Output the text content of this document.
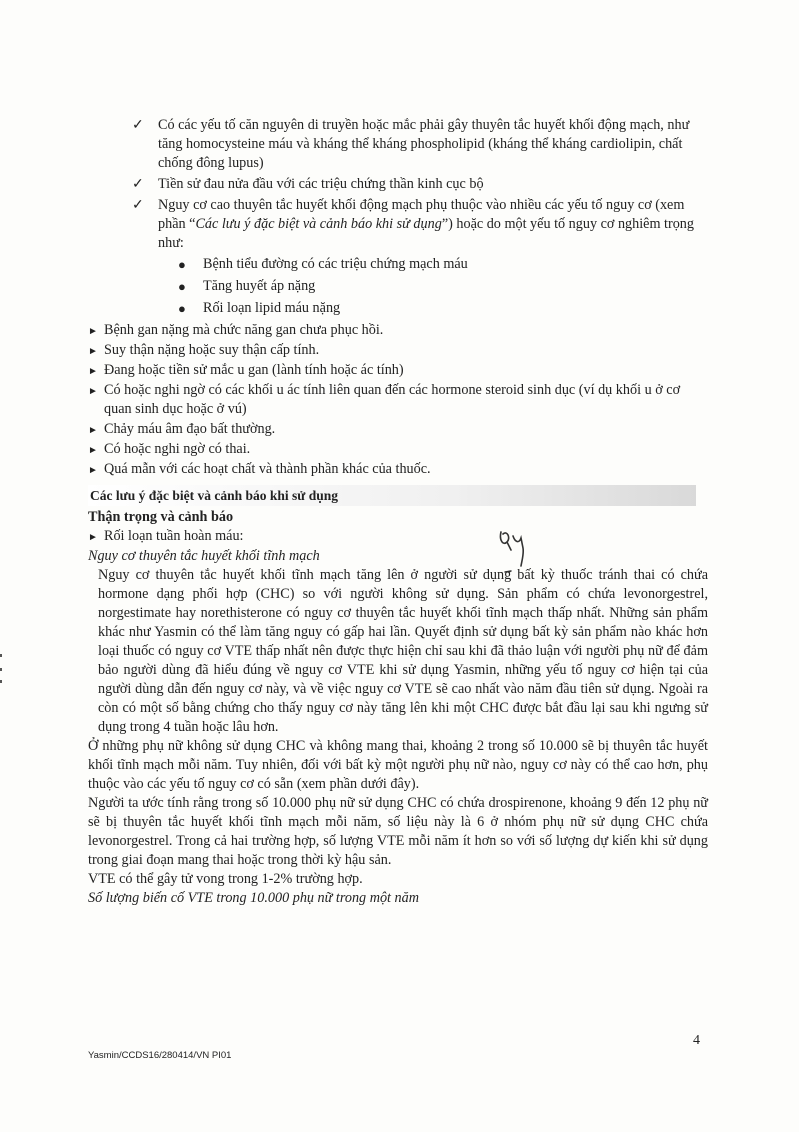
✓ Có các yếu tố căn nguyên di truyền hoặc mắc phải gây thuyên tắc huyết khối động mạch, như tăng homocysteine máu và kháng thể kháng phospholipid (kháng thể kháng cardiolipin, chất chống đông lupus)
✓ Tiền sử đau nửa đầu với các triệu chứng thần kinh cục bộ
✓ Nguy cơ cao thuyên tắc huyết khối động mạch phụ thuộc vào nhiều các yếu tố nguy cơ (xem phần “Các lưu ý đặc biệt và cảnh báo khi sử dụng”) hoặc do một yếu tố nguy cơ nghiêm trọng như:
● Bệnh tiểu đường có các triệu chứng mạch máu
● Tăng huyết áp nặng
● Rối loạn lipid máu nặng
► Bệnh gan nặng mà chức năng gan chưa phục hồi.
► Suy thận nặng hoặc suy thận cấp tính.
► Đang hoặc tiền sử mắc u gan (lành tính hoặc ác tính)
► Có hoặc nghi ngờ có các khối u ác tính liên quan đến các hormone steroid sinh dục (ví dụ khối u ở cơ quan sinh dục hoặc ở vú)
► Chảy máu âm đạo bất thường.
► Có hoặc nghi ngờ có thai.
► Quá mẫn với các hoạt chất và thành phần khác của thuốc.
Các lưu ý đặc biệt và cảnh báo khi sử dụng
Thận trọng và cảnh báo
► Rối loạn tuần hoàn máu:
Nguy cơ thuyên tắc huyết khối tĩnh mạch

Nguy cơ thuyên tắc huyết khối tĩnh mạch tăng lên ở người sử dụng bất kỳ thuốc tránh thai có chứa hormone dạng phối hợp (CHC) so với người không sử dụng. Sản phẩm có chứa levonorgestrel, norgestimate hay norethisterone có nguy cơ thuyên tắc huyết khối tĩnh mạch thấp nhất. Những sản phẩm khác như Yasmin có thể làm tăng nguy có gấp hai lần. Quyết định sử dụng bất kỳ sản phẩm nào khác hơn loại thuốc có nguy cơ VTE thấp nhất nên được thực hiện chỉ sau khi đã thảo luận với người phụ nữ để đảm bảo người dùng đã hiểu đúng về nguy cơ VTE khi sử dụng Yasmin, những yếu tố nguy cơ hiện tại của người dùng dẫn đến nguy cơ này, và về việc nguy cơ VTE sẽ cao nhất vào năm đầu tiên sử dụng. Ngoài ra còn có một số bằng chứng cho thấy nguy cơ này tăng lên khi một CHC được bắt đầu lại sau khi ngưng sử dụng trong 4 tuần hoặc lâu hơn.

Ở những phụ nữ không sử dụng CHC và không mang thai, khoảng 2 trong số 10.000 sẽ bị thuyên tắc huyết khối tĩnh mạch mỗi năm. Tuy nhiên, đối với bất kỳ một người phụ nữ nào, nguy cơ này có thể cao hơn, phụ thuộc vào các yếu tố nguy cơ có sẵn (xem phần dưới đây).

Người ta ước tính rằng trong số 10.000 phụ nữ sử dụng CHC có chứa drospirenone, khoảng 9 đến 12 phụ nữ sẽ bị thuyên tắc huyết khối tĩnh mạch mỗi năm, số liệu này là 6 ở nhóm phụ nữ sử dụng CHC chứa levonorgestrel. Trong cả hai trường hợp, số lượng VTE mỗi năm ít hơn so với số lượng dự kiến khi sử dụng trong giai đoạn mang thai hoặc trong thời kỳ hậu sản.

VTE có thể gây tử vong trong 1-2% trường hợp.

Số lượng biến cố VTE trong 10.000 phụ nữ trong một năm
4
Yasmin/CCDS16/280414/VN PI01
